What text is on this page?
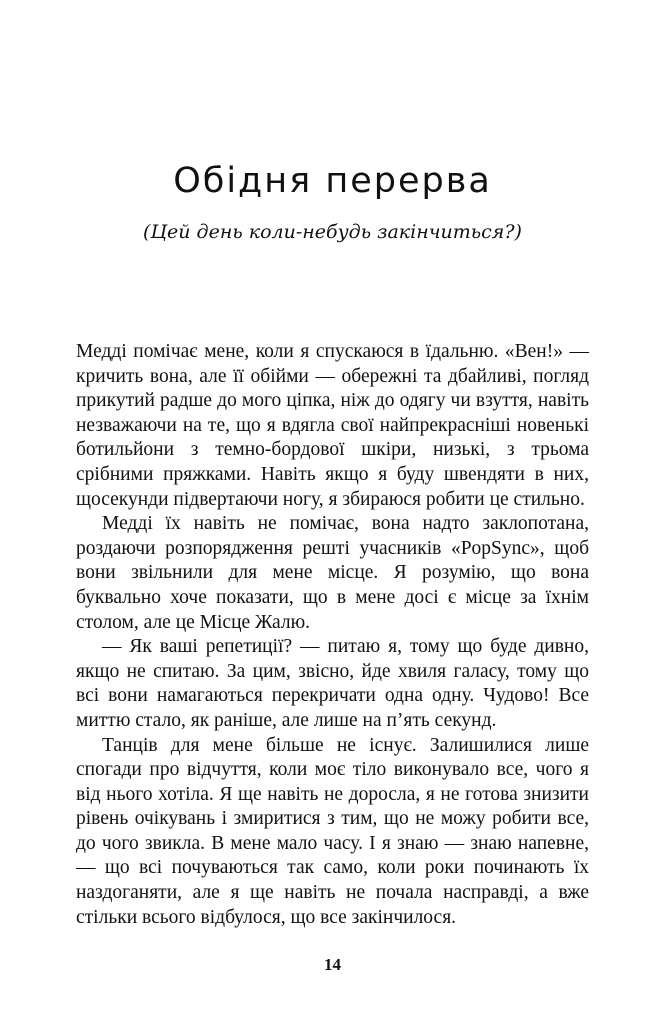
Обідня перерва
(Цей день коли-небудь закінчиться?)

Медді помічає мене, коли я спускаюся в їдальню. «Вен!» — кричить вона, але її обійми — обережні та дбайливі, погляд прикутий радше до мого ціпка, ніж до одягу чи взуття, навіть незважаючи на те, що я вдягла свої найпрекрасніші новенькі ботильйони з темно-бордової шкіри, низькі, з трьома срібними пряжками. Навіть якщо я буду швендяти в них, щосекунди підвертаючи ногу, я збираюся робити це стильно.

Медді їх навіть не помічає, вона надто заклопотана, роздаючи розпорядження решті учасників «PopSync», щоб вони звільнили для мене місце. Я розумію, що вона буквально хоче показати, що в мене досі є місце за їхнім столом, але це Місце Жалю.

— Як ваші репетиції? — питаю я, тому що буде дивно, якщо не спитаю. За цим, звісно, йде хвиля галасу, тому що всі вони намагаються перекричати одна одну. Чудово! Все миттю стало, як раніше, але лише на п’ять секунд.

Танців для мене більше не існує. Залишилися лише спогади про відчуття, коли моє тіло виконувало все, чого я від нього хотіла. Я ще навіть не доросла, я не готова знизити рівень очікувань і змиритися з тим, що не можу робити все, до чого звикла. В мене мало часу. І я знаю — знаю напевне, — що всі почуваються так само, коли роки починають їх наздоганяти, але я ще навіть не почала насправді, а вже стільки всього відбулося, що все закінчилося.

14
